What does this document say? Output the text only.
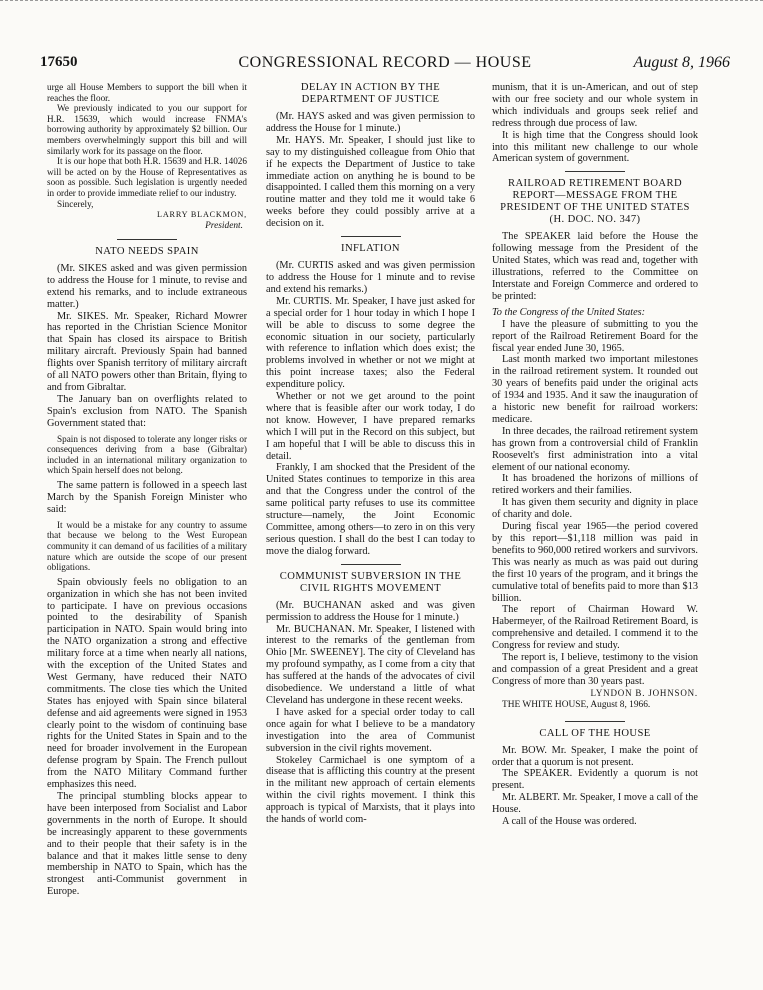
17650	CONGRESSIONAL RECORD — HOUSE	August 8, 1966

urge all House Members to support the bill when it reaches the floor.

We previously indicated to you our support for H.R. 15639, which would increase FNMA's borrowing authority by approximately $2 billion. Our members overwhelmingly support this bill and will similarly work for its passage on the floor.

It is our hope that both H.R. 15639 and H.R. 14026 will be acted on by the House of Representatives as soon as possible. Such legislation is urgently needed in order to provide immediate relief to our industry.

Sincerely,

LARRY BLACKMON,
President.
NATO NEEDS SPAIN

(Mr. SIKES asked and was given permission to address the House for 1 minute, to revise and extend his remarks, and to include extraneous matter.)

Mr. SIKES. Mr. Speaker, Richard Mowrer has reported in the Christian Science Monitor that Spain has closed its airspace to British military aircraft. Previously Spain had banned flights over Spanish territory of military aircraft of all NATO powers other than Britain, flying to and from Gibraltar.

The January ban on overflights related to Spain's exclusion from NATO. The Spanish Government stated that:

Spain is not disposed to tolerate any longer risks or consequences deriving from a base (Gibraltar) included in an international military organization to which Spain herself does not belong.

The same pattern is followed in a speech last March by the Spanish Foreign Minister who said:

It would be a mistake for any country to assume that because we belong to the West European community it can demand of us facilities of a military nature which are outside the scope of our present obligations.

Spain obviously feels no obligation to an organization in which she has not been invited to participate. I have on previous occasions pointed to the desirability of Spanish participation in NATO. Spain would bring into the NATO organization a strong and effective military force at a time when nearly all nations, with the exception of the United States and West Germany, have reduced their NATO commitments. The close ties which the United States has enjoyed with Spain since bilateral defense and aid agreements were signed in 1953 clearly point to the wisdom of continuing base rights for the United States in Spain and to the need for broader involvement in the European defense program by Spain. The French pullout from the NATO Military Command further emphasizes this need.

The principal stumbling blocks appear to have been interposed from Socialist and Labor governments in the north of Europe. It should be increasingly apparent to these governments and to their people that their safety is in the balance and that it makes little sense to deny membership in NATO to Spain, which has the strongest anti-Communist government in Europe.

DELAY IN ACTION BY THE DEPARTMENT OF JUSTICE

(Mr. HAYS asked and was given permission to address the House for 1 minute.)

Mr. HAYS. Mr. Speaker, I should just like to say to my distinguished colleague from Ohio that if he expects the Department of Justice to take immediate action on anything he is bound to be disappointed. I called them this morning on a very routine matter and they told me it would take 6 weeks before they could possibly arrive at a decision on it.

INFLATION

(Mr. CURTIS asked and was given permission to address the House for 1 minute and to revise and extend his remarks.)

Mr. CURTIS. Mr. Speaker, I have just asked for a special order for 1 hour today in which I hope I will be able to discuss to some degree the economic situation in our society, particularly with reference to inflation which does exist; the problems involved in whether or not we might at this point increase taxes; also the Federal expenditure policy.

Whether or not we get around to the point where that is feasible after our work today, I do not know. However, I have prepared remarks which I will put in the Record on this subject, but I am hopeful that I will be able to discuss this in detail.

Frankly, I am shocked that the President of the United States continues to temporize in this area and that the Congress under the control of the same political party refuses to use its committee structure—namely, the Joint Economic Committee, among others—to zero in on this very serious question. I shall do the best I can today to move the dialog forward.

COMMUNIST SUBVERSION IN THE CIVIL RIGHTS MOVEMENT

(Mr. BUCHANAN asked and was given permission to address the House for 1 minute.)

Mr. BUCHANAN. Mr. Speaker, I listened with interest to the remarks of the gentleman from Ohio [Mr. SWEENEY]. The city of Cleveland has my profound sympathy, as I come from a city that has suffered at the hands of the advocates of civil disobedience. We understand a little of what Cleveland has undergone in these recent weeks.

I have asked for a special order today to call once again for what I believe to be a mandatory investigation into the area of Communist subversion in the civil rights movement.

Stokeley Carmichael is one symptom of a disease that is afflicting this country at the present in the militant new approach of certain elements within the civil rights movement. I think this approach is typical of Marxists, that it plays into the hands of world com-

munism, that it is un-American, and out of step with our free society and our whole system in which individuals and groups seek relief and redress through due process of law.

It is high time that the Congress should look into this militant new challenge to our whole American system of government.

RAILROAD RETIREMENT BOARD REPORT—MESSAGE FROM THE PRESIDENT OF THE UNITED STATES (H. DOC. NO. 347)

The SPEAKER laid before the House the following message from the President of the United States, which was read and, together with illustrations, referred to the Committee on Interstate and Foreign Commerce and ordered to be printed:

To the Congress of the United States:

I have the pleasure of submitting to you the report of the Railroad Retirement Board for the fiscal year ended June 30, 1965.

Last month marked two important milestones in the railroad retirement system. It rounded out 30 years of benefits paid under the original acts of 1934 and 1935. And it saw the inauguration of a historic new benefit for railroad workers: medicare.

In three decades, the railroad retirement system has grown from a controversial child of Franklin Roosevelt's first administration into a vital element of our national economy.

It has broadened the horizons of millions of retired workers and their families.

It has given them security and dignity in place of charity and dole.

During fiscal year 1965—the period covered by this report—$1,118 million was paid in benefits to 960,000 retired workers and survivors. This was nearly as much as was paid out during the first 10 years of the program, and it brings the cumulative total of benefits paid to more than $13 billion.

The report of Chairman Howard W. Habermeyer, of the Railroad Retirement Board, is comprehensive and detailed. I commend it to the Congress for review and study.

The report is, I believe, testimony to the vision and compassion of a great President and a great Congress of more than 30 years past.

LYNDON B. JOHNSON.

THE WHITE HOUSE, August 8, 1966.

CALL OF THE HOUSE

Mr. BOW. Mr. Speaker, I make the point of order that a quorum is not present.

The SPEAKER. Evidently a quorum is not present.

Mr. ALBERT. Mr. Speaker, I move a call of the House.

A call of the House was ordered.
